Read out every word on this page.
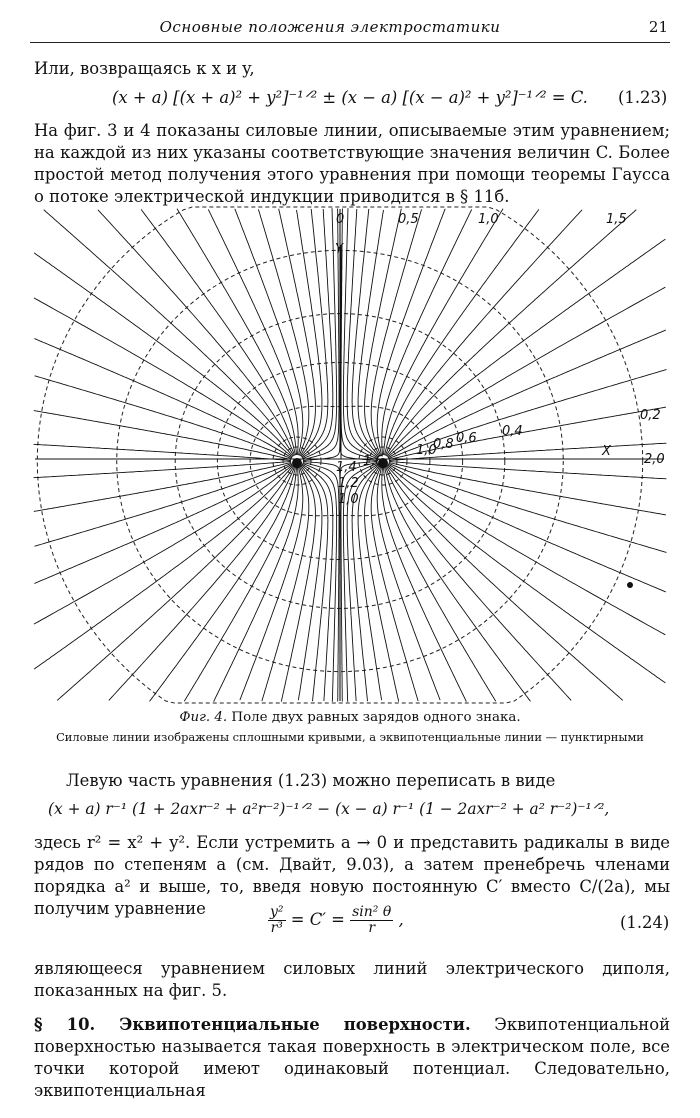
Основные положения электростатики	21
Или, возвращаясь к x и y,
(x + a) [(x + a)² + y²]⁻¹ᐟ² ± (x − a) [(x − a)² + y²]⁻¹ᐟ² = C. (1.23)
На фиг. 3 и 4 показаны силовые линии, описываемые этим уравнением; на каждой из них указаны соответствующие значения величин C. Более простой метод получения этого уравнения при помощи теоремы Гаусса о потоке электрической индукции приводится в § 11б.
Y
X
0	0,5	1,0	1,5
0,2
0,4
0,6
0,8
1,0
2,0
1,4 1,6
1,2
1,0
Фиг. 4. Поле двух равных зарядов одного знака.
Силовые линии изображены сплошными кривыми, а эквипотенциальные линии — пунктирными
Левую часть уравнения (1.23) можно переписать в виде
(x + a) r⁻¹ (1 + 2axr⁻² + a²r⁻²)⁻¹ᐟ² − (x − a) r⁻¹ (1 − 2axr⁻² + a² r⁻²)⁻¹ᐟ²,
здесь r² = x² + y². Если устремить a → 0 и представить радикалы в виде рядов по степеням a (см. Двайт, 9.03), а затем пренебречь членами порядка a² и выше, то, введя новую постоянную C′ вместо C/(2a), мы получим уравнение	$\frac{\text{y²}}{\text{r³}} = C' = \frac{\text{sin² θ}}{r}$ ,	(1.24)
являющееся уравнением силовых линий электрического диполя, показанных на фиг. 5.
§ 10. Эквипотенциальные поверхности. Эквипотенциальной поверхностью называется такая поверхность в электрическом поле, все точки которой имеют одинаковый потенциал. Следовательно, эквипотенциальная
